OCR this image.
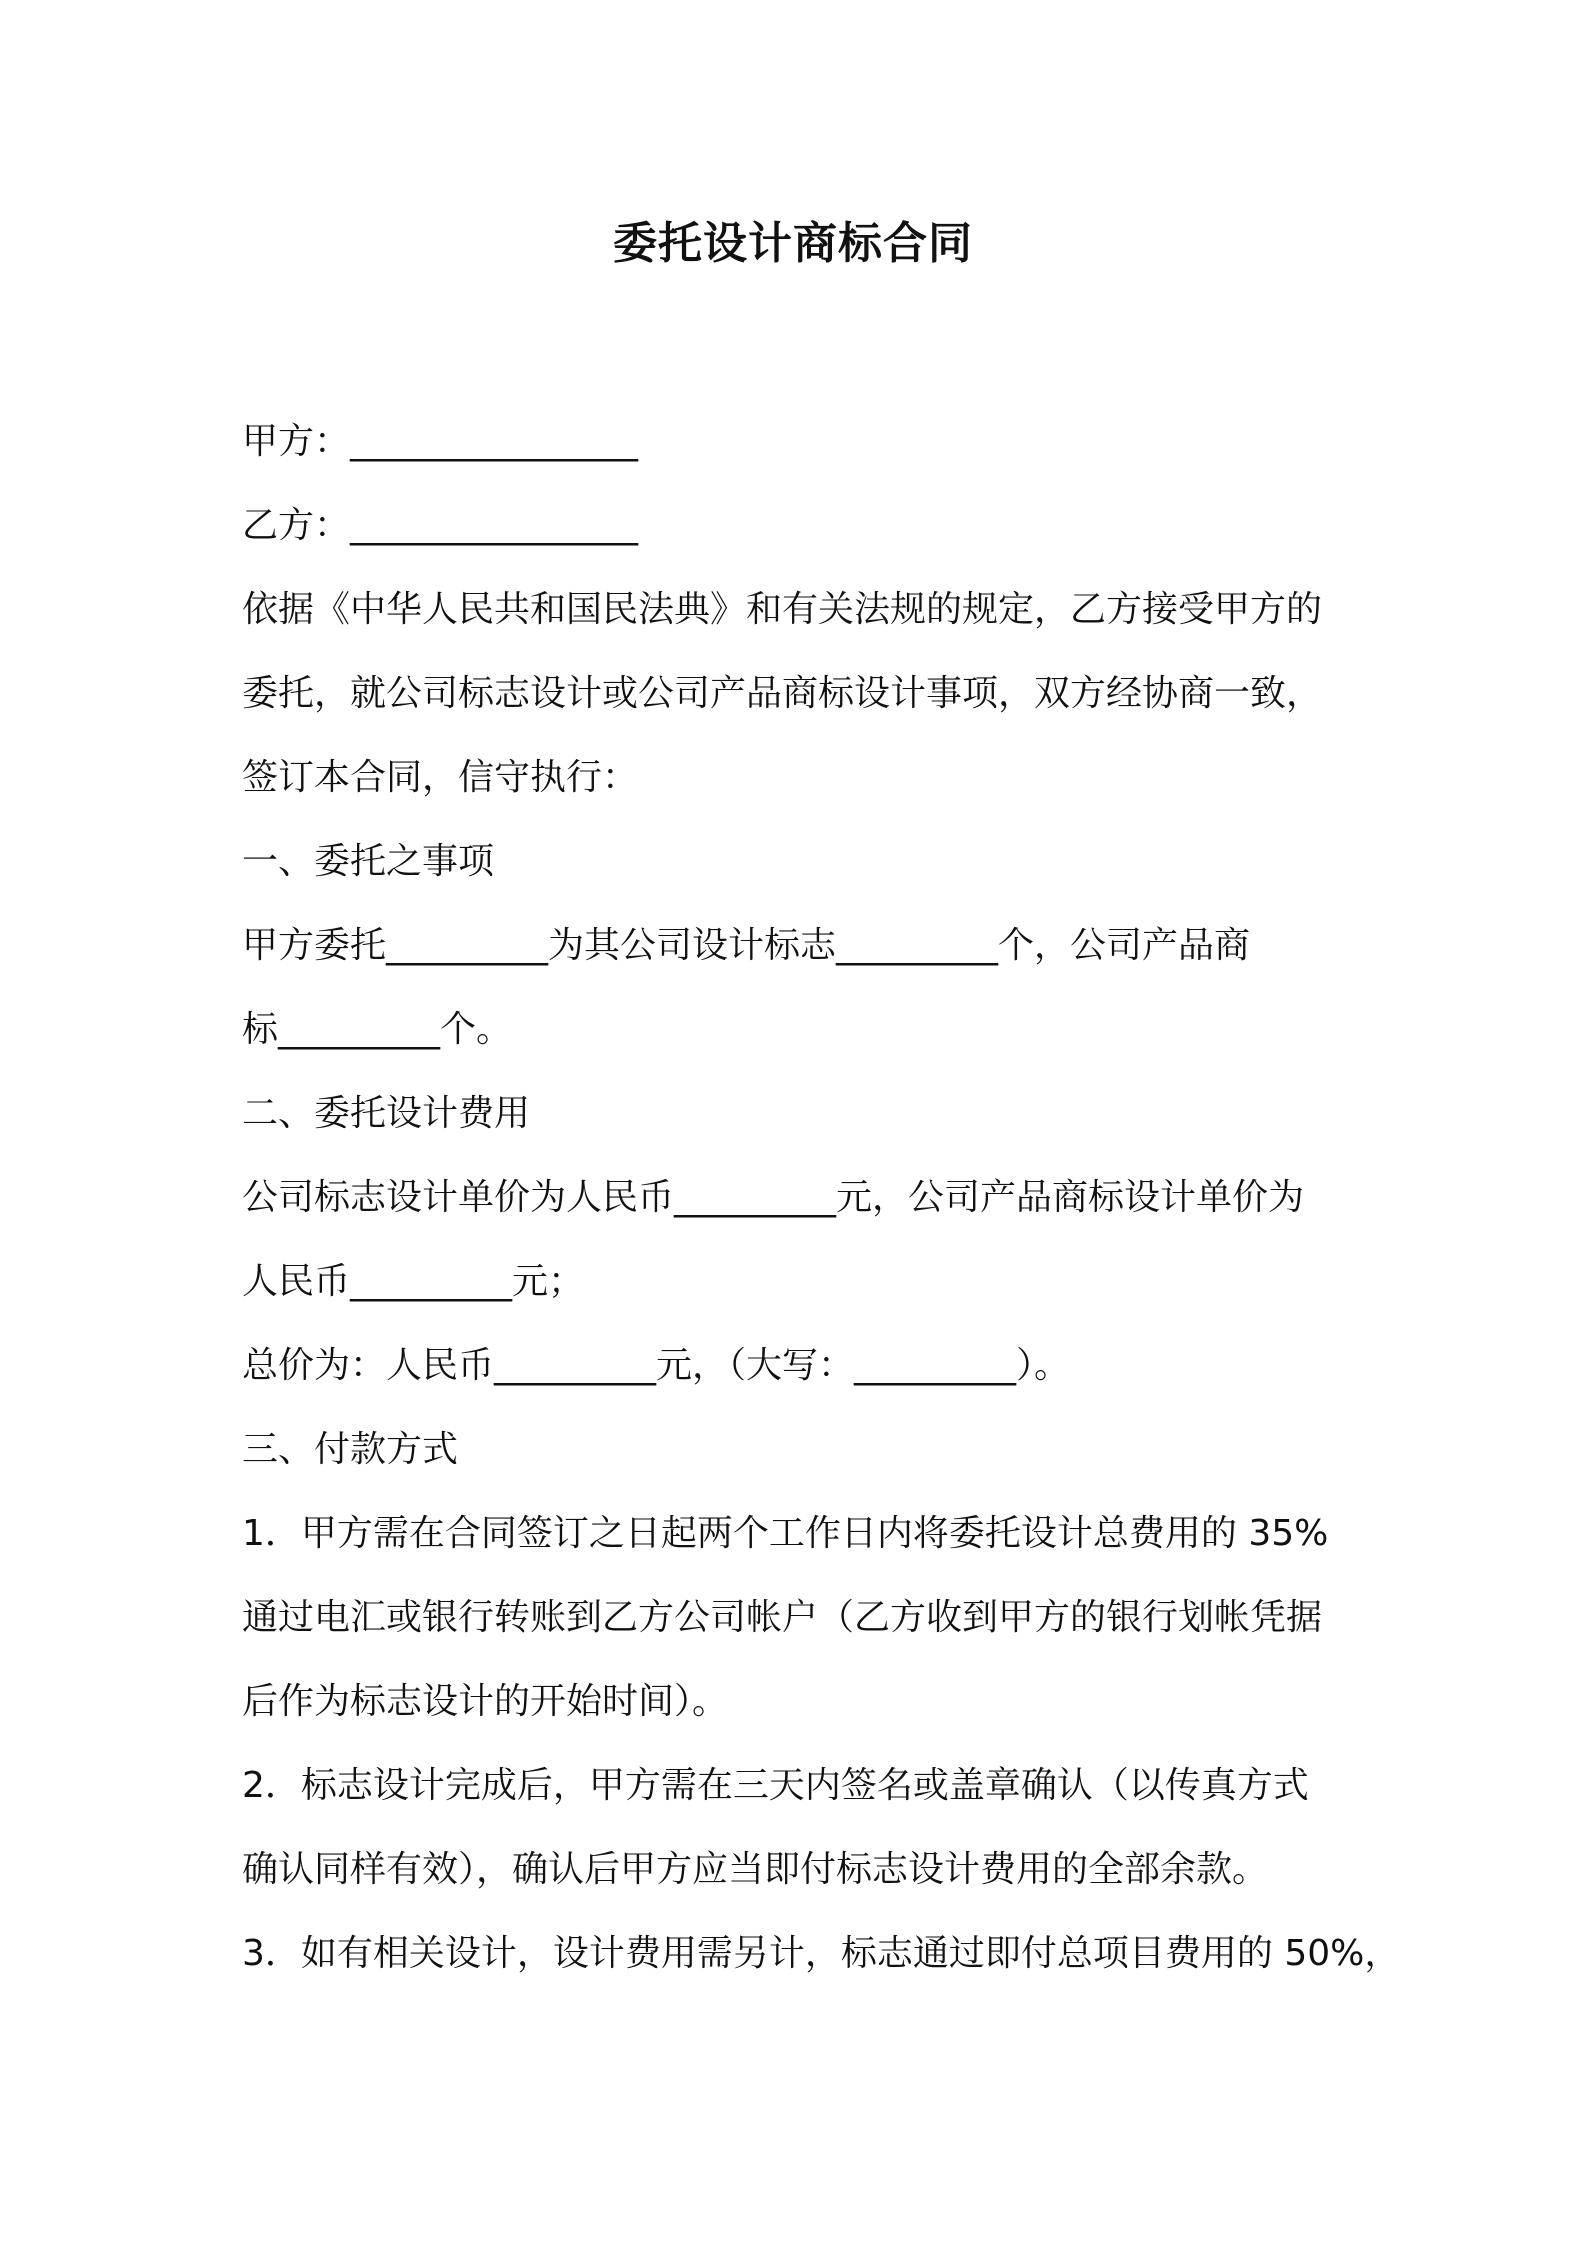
委托设计商标合同
甲方：________________
乙方：________________
依据《中华人民共和国民法典》和有关法规的规定，乙方接受甲方的
委托，就公司标志设计或公司产品商标设计事项，双方经协商一致，
签订本合同，信守执行：
一、委托之事项
甲方委托_________为其公司设计标志_________个，公司产品商
标_________个。
二、委托设计费用
公司标志设计单价为人民币_________元，公司产品商标设计单价为
人民币_________元；
总价为：人民币_________元，（大写：_________）。
三、付款方式
1．甲方需在合同签订之日起两个工作日内将委托设计总费用的 35%
通过电汇或银行转账到乙方公司帐户（乙方收到甲方的银行划帐凭据
后作为标志设计的开始时间）。
2．标志设计完成后，甲方需在三天内签名或盖章确认（以传真方式
确认同样有效），确认后甲方应当即付标志设计费用的全部余款。
3．如有相关设计，设计费用需另计，标志通过即付总项目费用的 50%，
